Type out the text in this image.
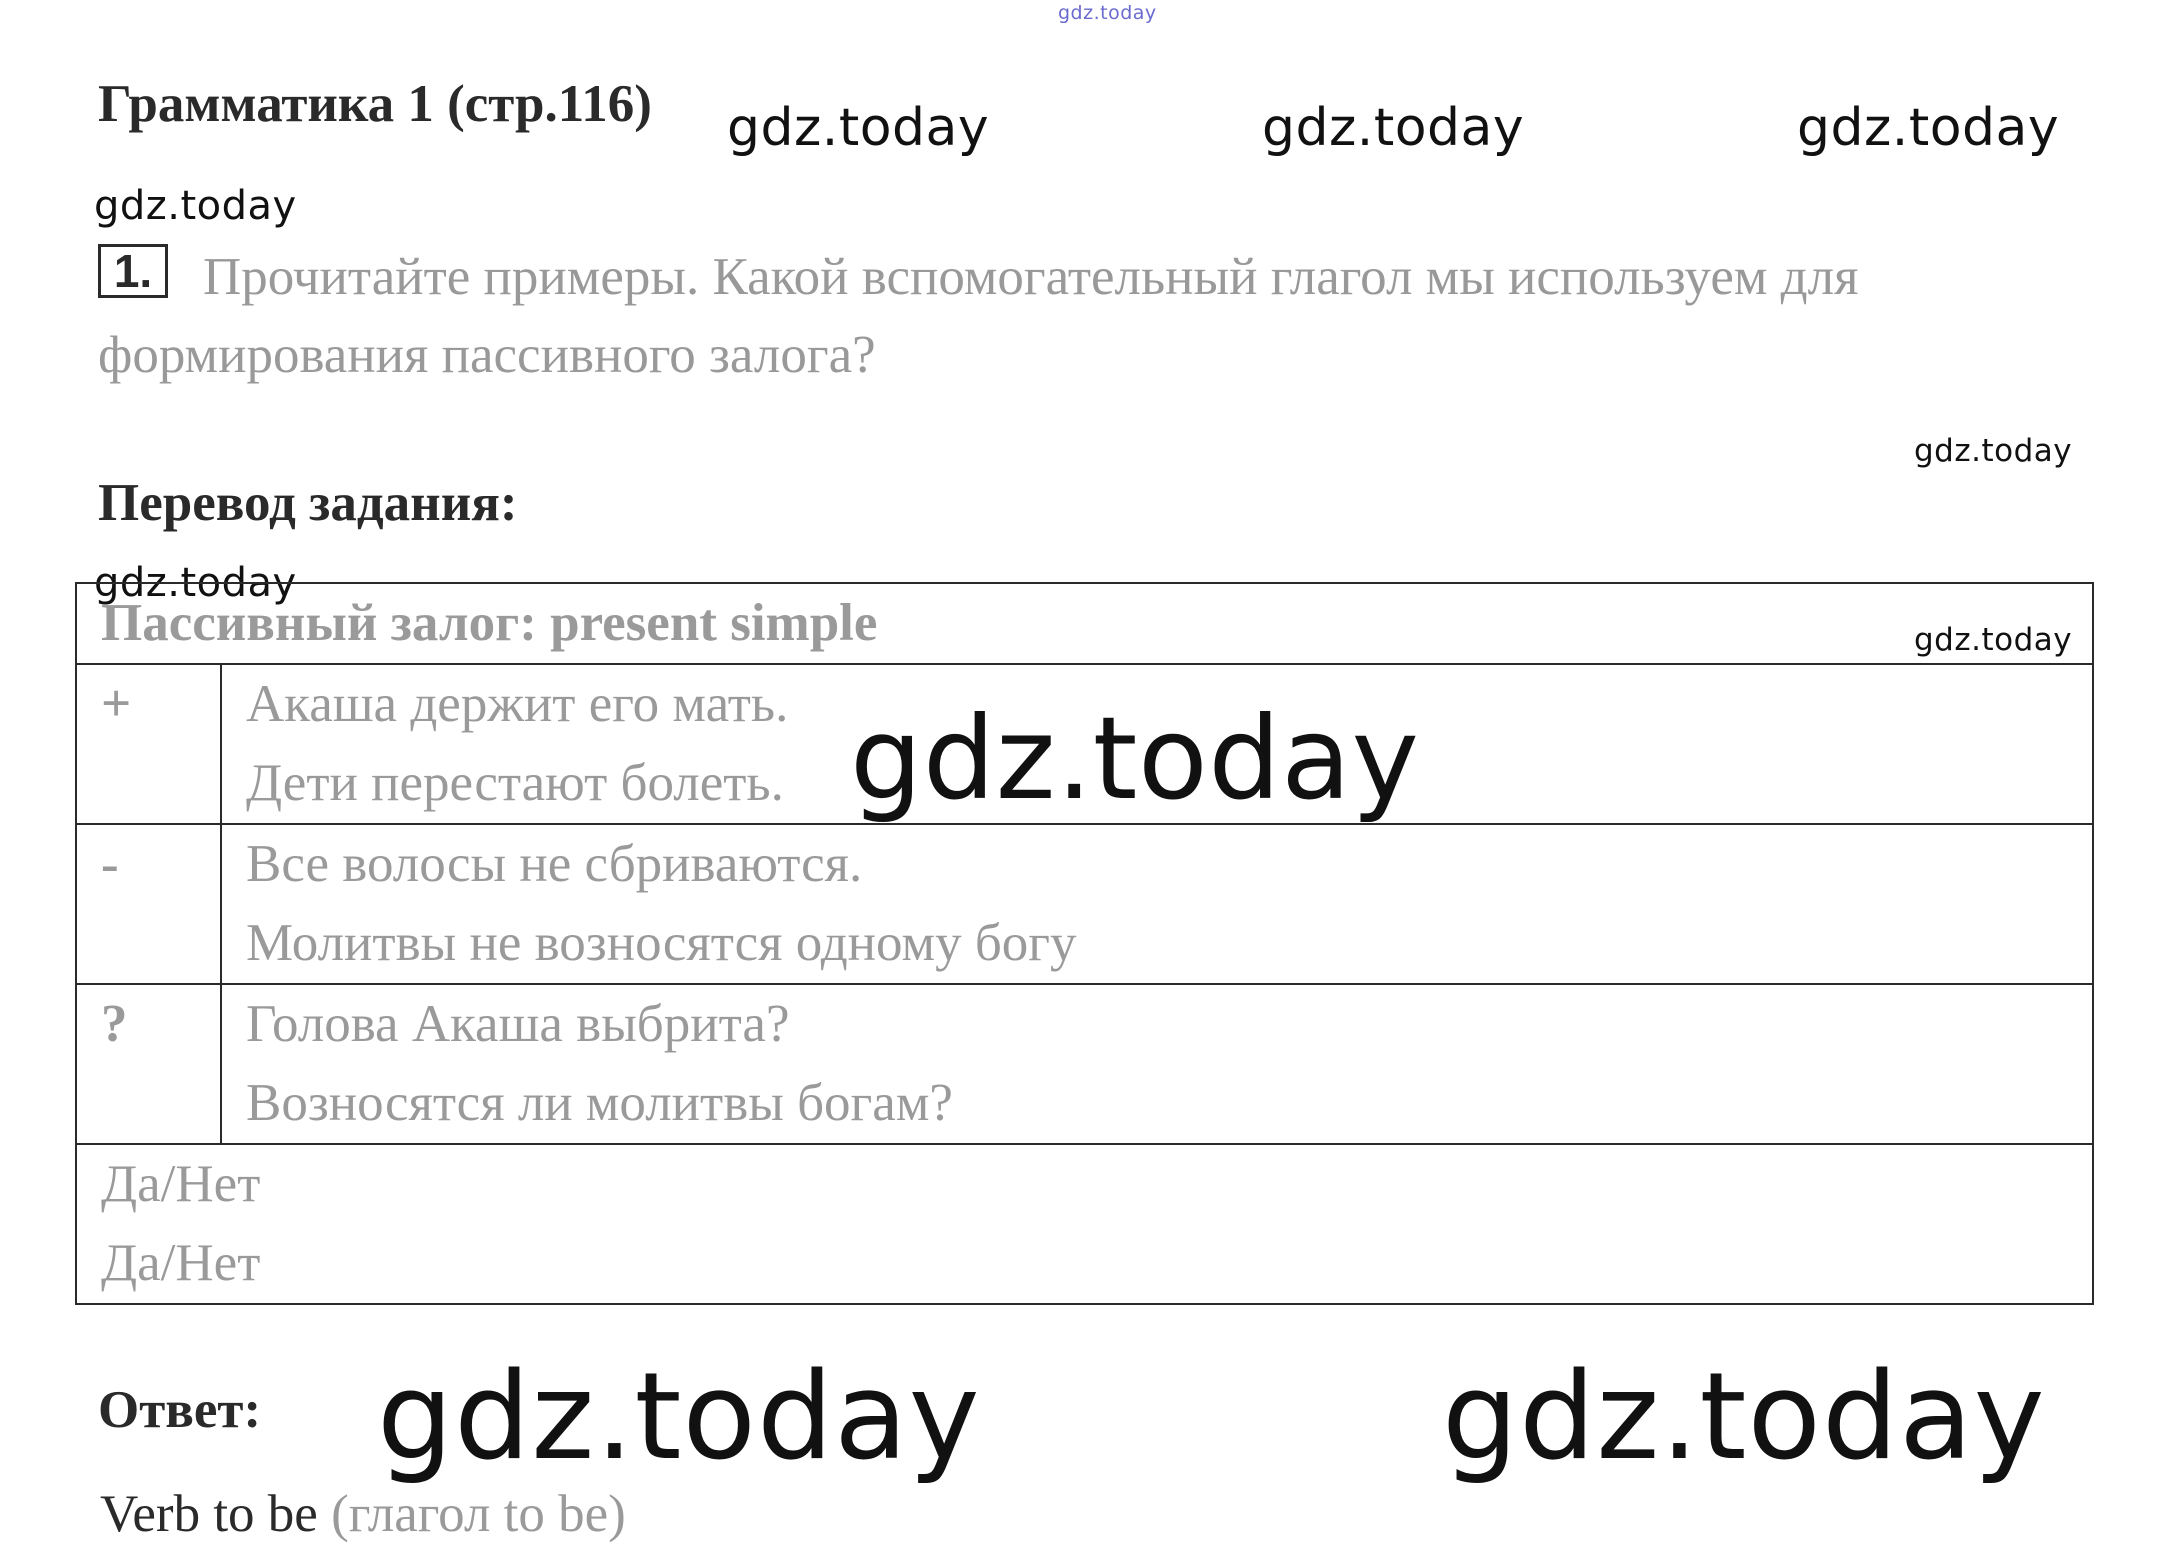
gdz.today
gdz.today	gdz.today	gdz.today
gdz.today
gdz.today
gdz.today
gdz.today
Грамматика 1 (стр.116)
Прочитайте примеры. Какой вспомогательный глагол мы используем для формирования пассивного залога?
1.
Перевод задания:
Пассивный залог: present simple	
+	Акаша держит его мать.
Дети перестают болеть.

-	Все волосы не сбриваются.
Молитвы не возносятся одному богу

?	Голова Акаша выбрита?
Возносятся ли молитвы богам?

Да/Нет
Да/Нет	
gdz.today
Ответ: gdz.today	gdz.today
Verb to be (глагол to be)
